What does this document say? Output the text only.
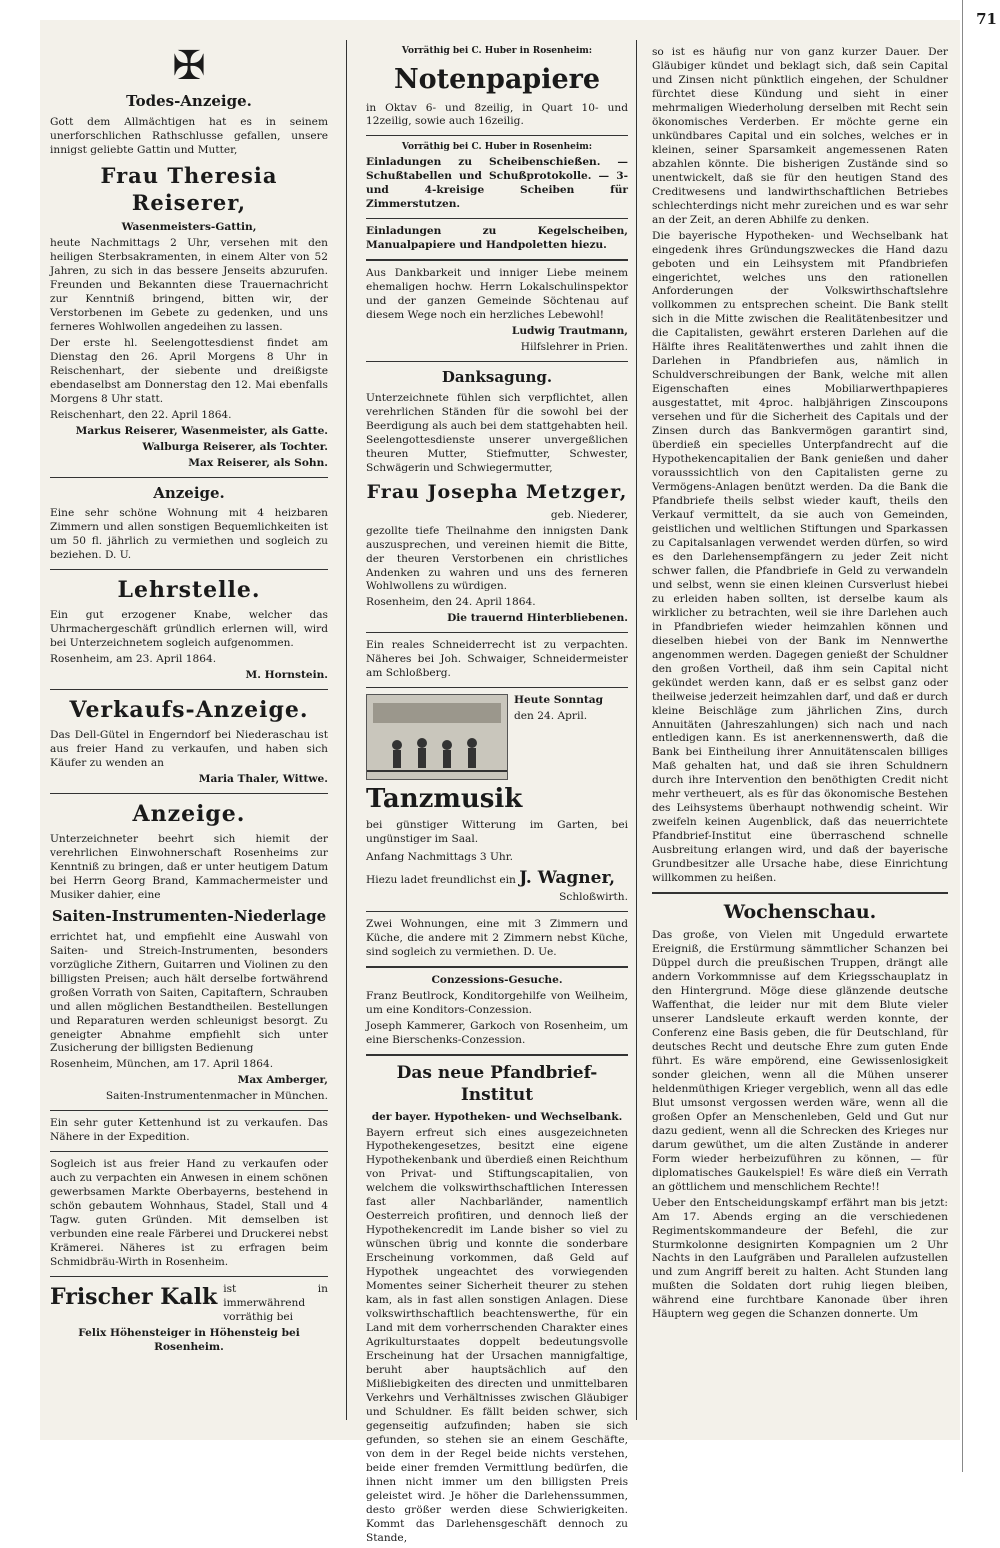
✠
Todes-Anzeige.

Gott dem Allmächtigen hat es in seinem unerforschlichen Rathschlusse gefallen, unsere innigst geliebte Gattin und Mutter,

Frau Theresia Reiserer,
Wasenmeisters-Gattin,

heute Nachmittags 2 Uhr, versehen mit den heiligen Sterbsakramenten, in einem Alter von 52 Jahren, zu sich in das bessere Jenseits abzurufen. Freunden und Bekannten diese Trauernachricht zur Kenntniß bringend, bitten wir, der Verstorbenen im Gebete zu gedenken, und uns ferneres Wohlwollen angedeihen zu lassen.

Der erste hl. Seelengottesdienst findet am Dienstag den 26. April Morgens 8 Uhr in Reischenhart, der siebente und dreißigste ebendaselbst am Donnerstag den 12. Mai ebenfalls Morgens 8 Uhr statt.

Reischenhart, den 22. April 1864.

Markus Reiserer, Wasenmeister, als Gatte.

Walburga Reiserer, als Tochter.

Max Reiserer, als Sohn.

Anzeige.

Eine sehr schöne Wohnung mit 4 heizbaren Zimmern und allen sonstigen Bequemlichkeiten ist um 50 fl. jährlich zu vermiethen und sogleich zu beziehen. D. U.

Lehrstelle.

Ein gut erzogener Knabe, welcher das Uhrmachergeschäft gründlich erlernen will, wird bei Unterzeichnetem sogleich aufgenommen.

Rosenheim, am 23. April 1864.

M. Hornstein.

Verkaufs-Anzeige.

Das Dell-Gütel in Engerndorf bei Niederaschau ist aus freier Hand zu verkaufen, und haben sich Käufer zu wenden an

Maria Thaler, Wittwe.

Anzeige.

Unterzeichneter beehrt sich hiemit der verehrlichen Einwohnerschaft Rosenheims zur Kenntniß zu bringen, daß er unter heutigem Datum bei Herrn Georg Brand, Kammachermeister und Musiker dahier, eine

Saiten-Instrumenten-Niederlage

errichtet hat, und empfiehlt eine Auswahl von Saiten- und Streich-Instrumenten, besonders vorzügliche Zithern, Guitarren und Violinen zu den billigsten Preisen; auch hält derselbe fortwährend großen Vorrath von Saiten, Capitaftern, Schrauben und allen möglichen Bestandtheilen. Bestellungen und Reparaturen werden schleunigst besorgt. Zu geneigter Abnahme empfiehlt sich unter Zusicherung der billigsten Bedienung

Rosenheim, München, am 17. April 1864.

Max Amberger,

Saiten-Instrumentenmacher in München.

Ein sehr guter Kettenhund ist zu verkaufen. Das Nähere in der Expedition.

Sogleich ist aus freier Hand zu verkaufen oder auch zu verpachten ein Anwesen in einem schönen gewerbsamen Markte Oberbayerns, bestehend in schön gebautem Wohnhaus, Stadel, Stall und 4 Tagw. guten Gründen. Mit demselben ist verbunden eine reale Färberei und Druckerei nebst Krämerei. Näheres ist zu erfragen beim Schmidbräu-Wirth in Rosenheim.

Frischer Kalk ist in immerwährend vorräthig bei

Felix Höhensteiger in Höhensteig bei Rosenheim.

Vorräthig bei C. Huber in Rosenheim:

Notenpapiere

in Oktav 6- und 8zeilig, in Quart 10- und 12zeilig, sowie auch 16zeilig.

Vorräthig bei C. Huber in Rosenheim:

Einladungen zu Scheibenschießen. — Schußtabellen und Schußprotokolle. — 3- und 4-kreisige Scheiben für Zimmerstutzen.

Einladungen zu Kegelscheiben, Manualpapiere und Handpoletten hiezu.

Aus Dankbarkeit und inniger Liebe meinem ehemaligen hochw. Herrn Lokalschulinspektor und der ganzen Gemeinde Söchtenau auf diesem Wege noch ein herzliches Lebewohl!

Ludwig Trautmann,

Hilfslehrer in Prien.

Danksagung.

Unterzeichnete fühlen sich verpflichtet, allen verehrlichen Ständen für die sowohl bei der Beerdigung als auch bei dem stattgehabten heil. Seelengottesdienste unserer unvergeßlichen theuren Mutter, Stiefmutter, Schwester, Schwägerin und Schwiegermutter,

Frau Josepha Metzger,

geb. Niederer,

gezollte tiefe Theilnahme den innigsten Dank auszusprechen, und vereinen hiemit die Bitte, der theuren Verstorbenen ein christliches Andenken zu wahren und uns des ferneren Wohlwollens zu würdigen.

Rosenheim, den 24. April 1864.

Die trauernd Hinterbliebenen.

Ein reales Schneiderrecht ist zu verpachten. Näheres bei Joh. Schwaiger, Schneidermeister am Schloßberg.

Heute Sonntag

den 24. April.

Tanzmusik

bei günstiger Witterung im Garten, bei ungünstiger im Saal.

Anfang Nachmittags 3 Uhr.

Hiezu ladet freundlichst ein J. Wagner,

Schloßwirth.

Zwei Wohnungen, eine mit 3 Zimmern und Küche, die andere mit 2 Zimmern nebst Küche, sind sogleich zu vermiethen. D. Ue.

Conzessions-Gesuche.

Franz Beutlrock, Konditorgehilfe von Weilheim, um eine Konditors-Conzession.

Joseph Kammerer, Garkoch von Rosenheim, um eine Bierschenks-Conzession.

Das neue Pfandbrief-Institut
der bayer. Hypotheken- und Wechselbank.

Bayern erfreut sich eines ausgezeichneten Hypothekengesetzes, besitzt eine eigene Hypothekenbank und überdieß einen Reichthum von Privat- und Stiftungscapitalien, von welchem die volkswirthschaftlichen Interessen fast aller Nachbarländer, namentlich Oesterreich profitiren, und dennoch ließ der Hypothekencredit im Lande bisher so viel zu wünschen übrig und konnte die sonderbare Erscheinung vorkommen, daß Geld auf Hypothek ungeachtet des vorwiegenden Momentes seiner Sicherheit theurer zu stehen kam, als in fast allen sonstigen Anlagen. Diese volkswirthschaftlich beachtenswerthe, für ein Land mit dem vorherrschenden Charakter eines Agrikulturstaates doppelt bedeutungsvolle Erscheinung hat der Ursachen mannigfaltige, beruht aber hauptsächlich auf den Mißliebigkeiten des directen und unmittelbaren Verkehrs und Verhältnisses zwischen Gläubiger und Schuldner. Es fällt beiden schwer, sich gegenseitig aufzufinden; haben sie sich gefunden, so stehen sie an einem Geschäfte, von dem in der Regel beide nichts verstehen, beide einer fremden Vermittlung bedürfen, die ihnen nicht immer um den billigsten Preis geleistet wird. Je höher die Darlehenssummen, desto größer werden diese Schwierigkeiten. Kommt das Darlehensgeschäft dennoch zu Stande,

so ist es häufig nur von ganz kurzer Dauer. Der Gläubiger kündet und beklagt sich, daß sein Capital und Zinsen nicht pünktlich eingehen, der Schuldner fürchtet diese Kündung und sieht in einer mehrmaligen Wiederholung derselben mit Recht sein ökonomisches Verderben. Er möchte gerne ein unkündbares Capital und ein solches, welches er in kleinen, seiner Sparsamkeit angemessenen Raten abzahlen könnte. Die bisherigen Zustände sind so unentwickelt, daß sie für den heutigen Stand des Creditwesens und landwirthschaftlichen Betriebes schlechterdings nicht mehr zureichen und es war sehr an der Zeit, an deren Abhilfe zu denken.

Die bayerische Hypotheken- und Wechselbank hat eingedenk ihres Gründungszweckes die Hand dazu geboten und ein Leihsystem mit Pfandbriefen eingerichtet, welches uns den rationellen Anforderungen der Volkswirthschaftslehre vollkommen zu entsprechen scheint. Die Bank stellt sich in die Mitte zwischen die Realitätenbesitzer und die Capitalisten, gewährt ersteren Darlehen auf die Hälfte ihres Realitätenwerthes und zahlt ihnen die Darlehen in Pfandbriefen aus, nämlich in Schuldverschreibungen der Bank, welche mit allen Eigenschaften eines Mobiliarwerthpapieres ausgestattet, mit 4proc. halbjährigen Zinscoupons versehen und für die Sicherheit des Capitals und der Zinsen durch das Bankvermögen garantirt sind, überdieß ein specielles Unterpfandrecht auf die Hypothekencapitalien der Bank genießen und daher vorausssichtlich von den Capitalisten gerne zu Vermögens-Anlagen benützt werden. Da die Bank die Pfandbriefe theils selbst wieder kauft, theils den Verkauf vermittelt, da sie auch von Gemeinden, geistlichen und weltlichen Stiftungen und Sparkassen zu Capitalsanlagen verwendet werden dürfen, so wird es den Darlehensempfängern zu jeder Zeit nicht schwer fallen, die Pfandbriefe in Geld zu verwandeln und selbst, wenn sie einen kleinen Cursverlust hiebei zu erleiden haben sollten, ist derselbe kaum als wirklicher zu betrachten, weil sie ihre Darlehen auch in Pfandbriefen wieder heimzahlen können und dieselben hiebei von der Bank im Nennwerthe angenommen werden. Dagegen genießt der Schuldner den großen Vortheil, daß ihm sein Capital nicht gekündet werden kann, daß er es selbst ganz oder theilweise jederzeit heimzahlen darf, und daß er durch kleine Beischläge zum jährlichen Zins, durch Annuitäten (Jahreszahlungen) sich nach und nach entledigen kann. Es ist anerkennenswerth, daß die Bank bei Eintheilung ihrer Annuitätenscalen billiges Maß gehalten hat, und daß sie ihren Schuldnern durch ihre Intervention den benöthigten Credit nicht mehr vertheuert, als es für das ökonomische Bestehen des Leihsystems überhaupt nothwendig scheint. Wir zweifeln keinen Augenblick, daß das neuerrichtete Pfandbrief-Institut eine überraschend schnelle Ausbreitung erlangen wird, und daß der bayerische Grundbesitzer alle Ursache habe, diese Einrichtung willkommen zu heißen.

Wochenschau.

Das große, von Vielen mit Ungeduld erwartete Ereigniß, die Erstürmung sämmtlicher Schanzen bei Düppel durch die preußischen Truppen, drängt alle andern Vorkommnisse auf dem Kriegsschauplatz in den Hintergrund. Möge diese glänzende deutsche Waffenthat, die leider nur mit dem Blute vieler unserer Landsleute erkauft werden konnte, der Conferenz eine Basis geben, die für Deutschland, für deutsches Recht und deutsche Ehre zum guten Ende führt. Es wäre empörend, eine Gewissenlosigkeit sonder gleichen, wenn all die Mühen unserer heldenmüthigen Krieger vergeblich, wenn all das edle Blut umsonst vergossen werden wäre, wenn all die großen Opfer an Menschenleben, Geld und Gut nur dazu gedient, wenn all die Schrecken des Krieges nur darum gewüthet, um die alten Zustände in anderer Form wieder herbeizuführen zu können, — für diplomatisches Gaukelspiel! Es wäre dieß ein Verrath an göttlichem und menschlichem Rechte!!

Ueber den Entscheidungskampf erfährt man bis jetzt: Am 17. Abends erging an die verschiedenen Regimentskommandeure der Befehl, die zur Sturmkolonne designirten Kompagnien um 2 Uhr Nachts in den Laufgräben und Parallelen aufzustellen und zum Angriff bereit zu halten. Acht Stunden lang mußten die Soldaten dort ruhig liegen bleiben, während eine furchtbare Kanonade über ihren Häuptern weg gegen die Schanzen donnerte. Um

71
